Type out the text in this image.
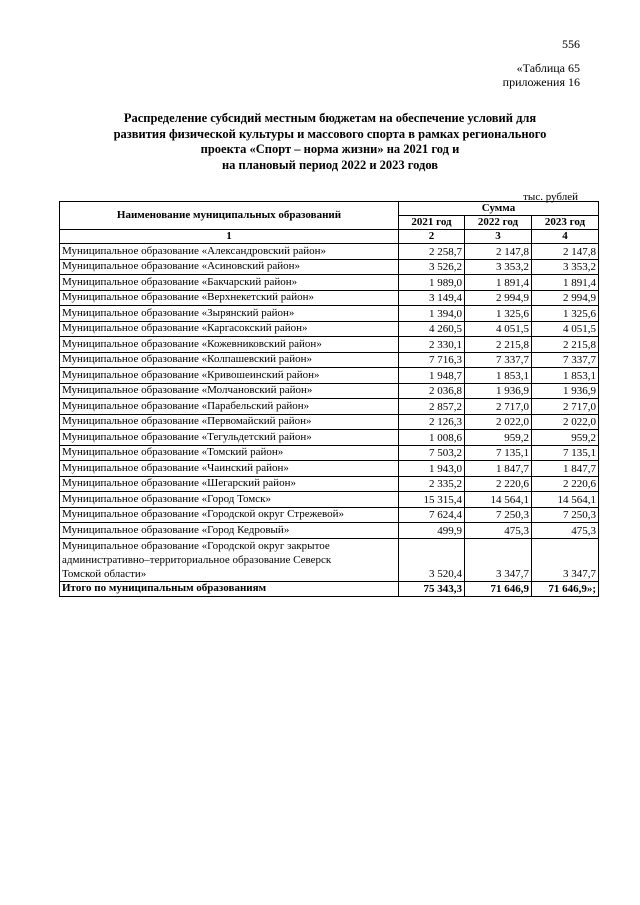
556
«Таблица 65
приложения 16
Распределение субсидий местным бюджетам на обеспечение условий для
развития физической культуры и массового спорта в рамках регионального
проекта «Спорт – норма жизни» на 2021 год и
на плановый период 2022 и 2023 годов
тыс. рублей
Наименование муниципальных образований	Сумма		
	2021 год	2022 год	2023 год
1	2	3	4
Муниципальное образование «Александровский район»	2 258,7	2 147,8	2 147,8
Муниципальное образование «Асиновский район»	3 526,2	3 353,2	3 353,2
Муниципальное образование «Бакчарский район»	1 989,0	1 891,4	1 891,4
Муниципальное образование «Верхнекетский район»	3 149,4	2 994,9	2 994,9
Муниципальное образование «Зырянский район»	1 394,0	1 325,6	1 325,6
Муниципальное образование «Каргасокский район»	4 260,5	4 051,5	4 051,5
Муниципальное образование «Кожевниковский район»	2 330,1	2 215,8	2 215,8
Муниципальное образование «Колпашевский район»	7 716,3	7 337,7	7 337,7
Муниципальное образование «Кривошеинский район»	1 948,7	1 853,1	1 853,1
Муниципальное образование «Молчановский район»	2 036,8	1 936,9	1 936,9
Муниципальное образование «Парабельский район»	2 857,2	2 717,0	2 717,0
Муниципальное образование «Первомайский район»	2 126,3	2 022,0	2 022,0
Муниципальное образование «Тегульдетский район»	1 008,6	959,2	959,2
Муниципальное образование «Томский район»	7 503,2	7 135,1	7 135,1
Муниципальное образование «Чаинский район»	1 943,0	1 847,7	1 847,7
Муниципальное образование «Шегарский район»	2 335,2	2 220,6	2 220,6
Муниципальное образование «Город Томск»	15 315,4	14 564,1	14 564,1
Муниципальное образование «Городской округ Стрежевой»	7 624,4	7 250,3	7 250,3
Муниципальное образование «Город Кедровый»	499,9	475,3	475,3

Муниципальное образование «Городской округ закрытое
административно–территориальное образование Северск
Томской области»	3 520,4	3 347,7	3 347,7
Итого по муниципальным образованиям	75 343,3	71 646,9	71 646,9»;
